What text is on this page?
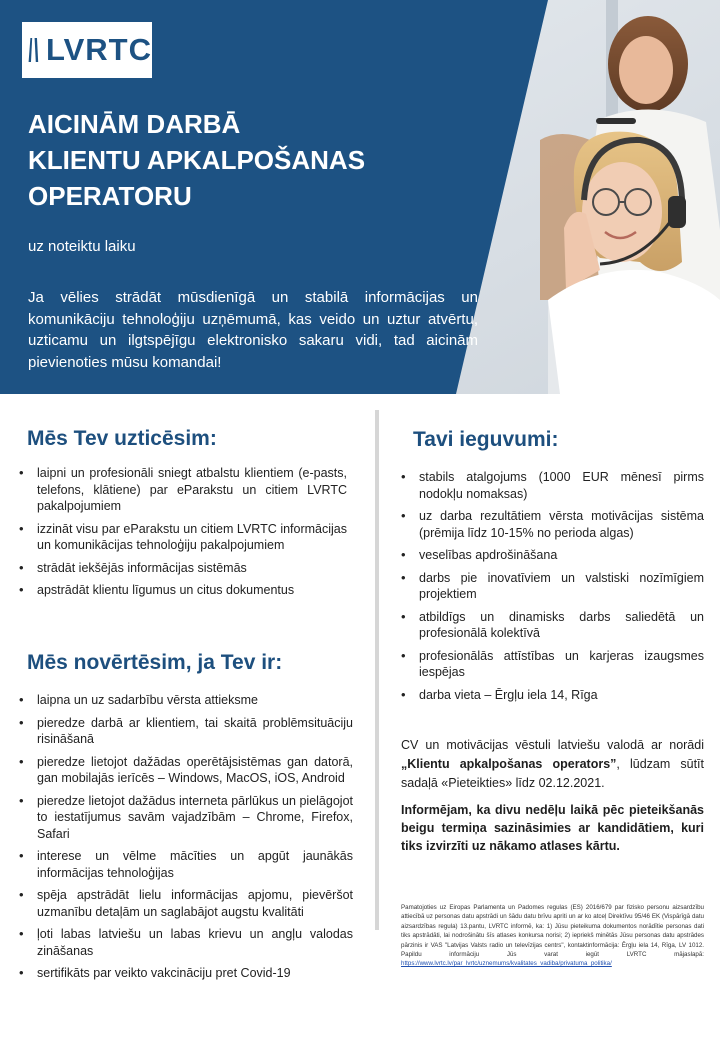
LVRTC
AICINĀM DARBĀ
KLIENTU APKALPOŠANAS
OPERATORU
uz noteiktu laiku
Ja vēlies strādāt mūsdienīgā un stabilā informācijas un komunikāciju tehnoloģiju uzņēmumā, kas veido un uztur atvērtu, uzticamu un ilgtspējīgu elektronisko sakaru vidi, tad aicinām pievienoties mūsu komandai!
#TEIRDARBS
Mēs Tev uzticēsim:
• laipni un profesionāli sniegt atbalstu klientiem (e-pasts, telefons, klātiene) par eParakstu un citiem LVRTC pakalpojumiem
• izzināt visu par eParakstu un citiem LVRTC informācijas un komunikācijas tehnoloģiju pakalpojumiem
• strādāt iekšējās informācijas sistēmās
• apstrādāt klientu līgumus un citus dokumentus
Mēs novērtēsim, ja Tev ir:
• laipna un uz sadarbību vērsta attieksme
• pieredze darbā ar klientiem, tai skaitā problēmsituāciju risināšanā
• pieredze lietojot dažādas operētājsistēmas gan datorā, gan mobilajās ierīcēs – Windows, MacOS, iOS, Android
• pieredze lietojot dažādus interneta pārlūkus un pielāgojot to iestatījumus savām vajadzībām – Chrome, Firefox, Safari
• interese un vēlme mācīties un apgūt jaunākās informācijas tehnoloģijas
• spēja apstrādāt lielu informācijas apjomu, pievēršot uzmanību detaļām un saglabājot augstu kvalitāti
• ļoti labas latviešu un labas krievu un angļu valodas zināšanas
• sertifikāts par veikto vakcināciju pret Covid-19
Tavi ieguvumi:
• stabils atalgojums (1000 EUR mēnesī pirms nodokļu nomaksas)
• uz darba rezultātiem vērsta motivācijas sistēma (prēmija līdz 10-15% no perioda algas)
• veselības apdrošināšana
• darbs pie inovatīviem un valstiski nozīmīgiem projektiem
• atbildīgs un dinamisks darbs saliedētā un profesionālā kolektīvā
• profesionālās attīstības un karjeras izaugsmes iespējas
• darba vieta – Ērgļu iela 14, Rīga
CV un motivācijas vēstuli latviešu valodā ar norādi „Klientu apkalpošanas operators”, lūdzam sūtīt sadaļā «Pieteikties» līdz 02.12.2021.
Informējam, ka divu nedēļu laikā pēc pieteikšanās beigu termiņa sazināsimies ar kandidātiem, kuri tiks izvirzīti uz nākamo atlases kārtu.
Pamatojoties uz Eiropas Parlamenta un Padomes regulas (ES) 2016/679 par fizisko personu aizsardzību attiecībā uz personas datu apstrādi un šādu datu brīvu apriti un ar ko atceļ Direktīvu 95/46 EK (Vispārīgā datu aizsardzības regula) 13.pantu, LVRTC informē, ka: 1) Jūsu pieteikuma dokumentos norādītie personas dati tiks apstrādāti, lai nodrošinātu šīs atlases konkursa norisi; 2) iepriekš minētās Jūsu personas datu apstrādes pārzinis ir VAS "Latvijas Valsts radio un televīzijas centrs", kontaktinformācija: Ērgļu iela 14, Rīga, LV 1012. Papildu informāciju Jūs varat iegūt LVRTC mājaslapā: https://www.lvrtc.lv/par_lvrtc/uznemums/kvalitates_vadiba/privatuma_politika/
